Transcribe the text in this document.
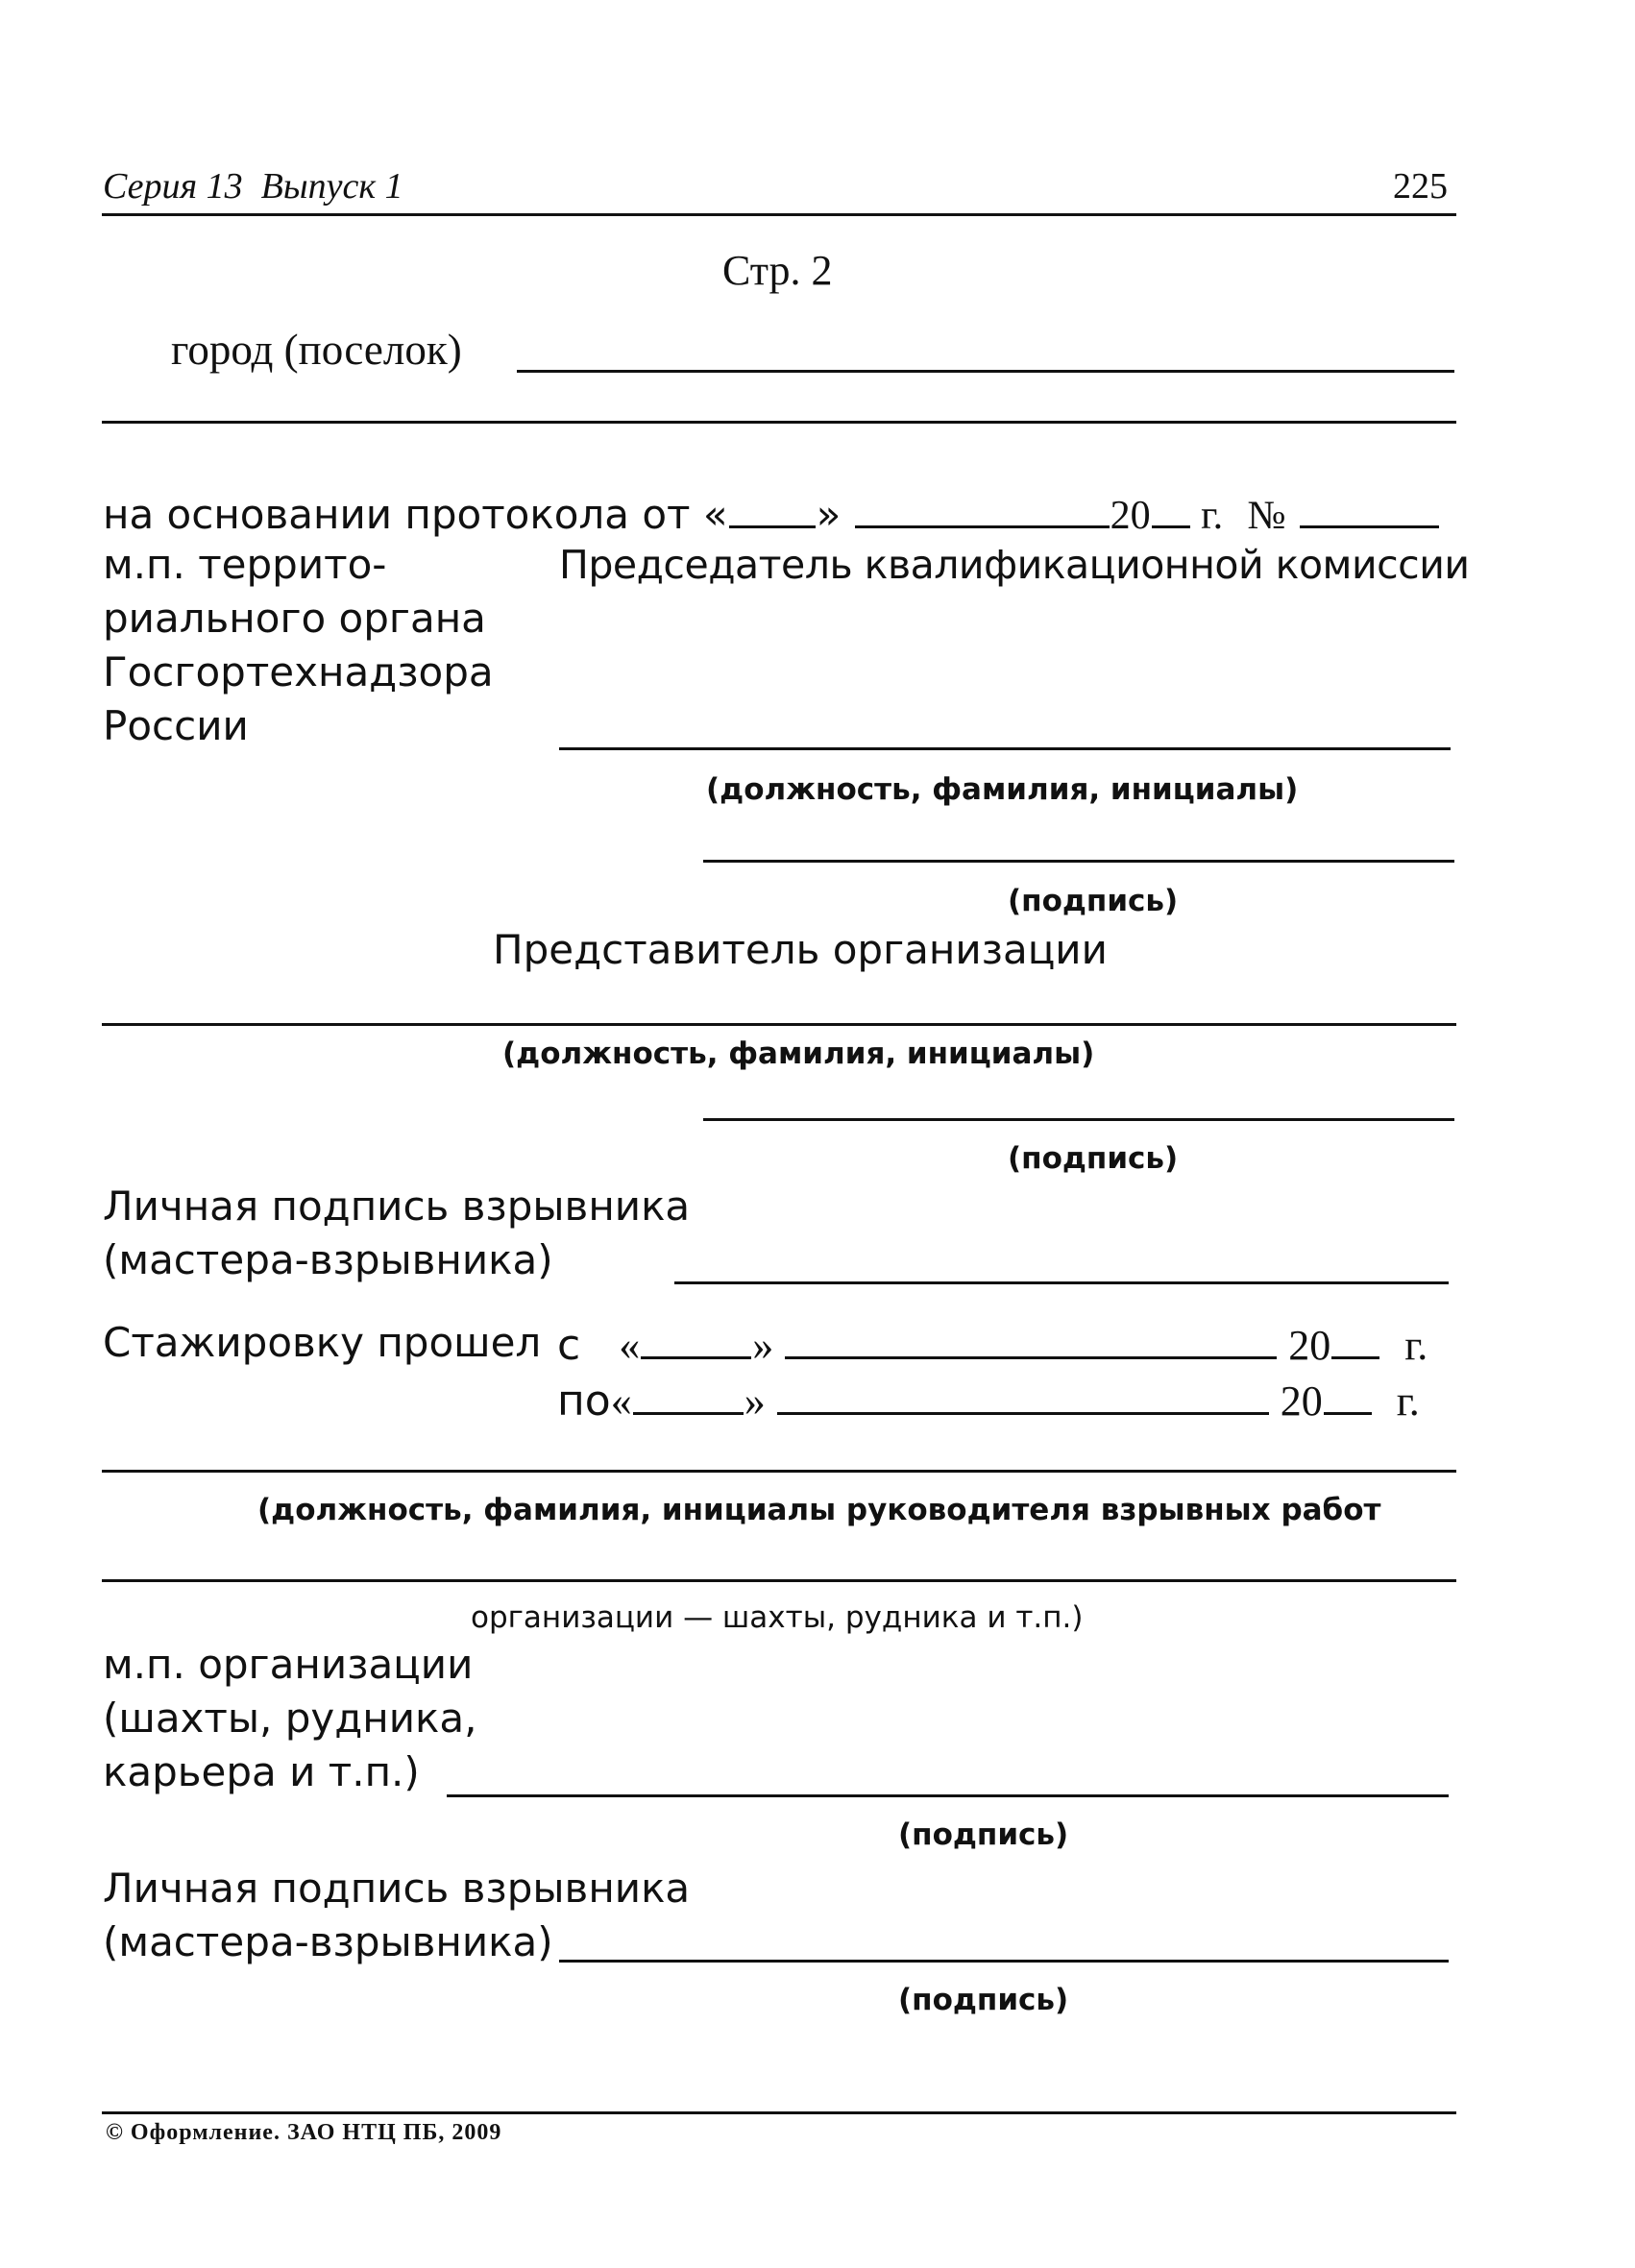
Серия 13  Выпуск 1	225
Стр. 2
город (поселок)
на основании протокола от « »	20 г. №
м.п. террито-
риального органа
Госгортехнадзора
России
Председатель квалификационной комиссии
(должность, фамилия, инициалы)
(подпись)
Представитель организации
(должность, фамилия, инициалы)
(подпись)
Личная подпись взрывника
(мастера-взрывника)
Стажировку прошел с «	»	20 г.
по«	»	20 г.
(должность, фамилия, инициалы руководителя взрывных работ
организации — шахты, рудника и т.п.)
м.п. организации
(шахты, рудника,
карьера и т.п.)
(подпись)
Личная подпись взрывника
(мастера-взрывника)
(подпись)
© Оформление. ЗАО НТЦ ПБ, 2009
